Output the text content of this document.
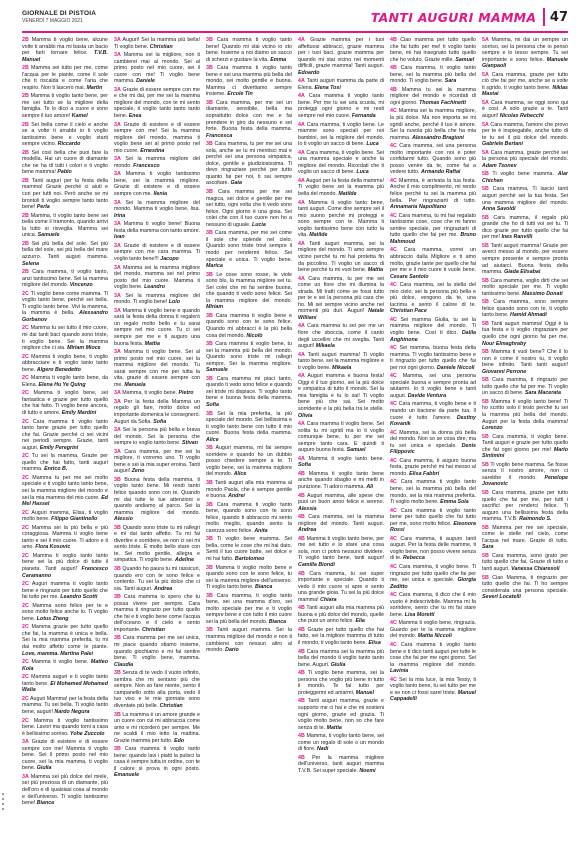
GIORNALE DI PISTOIA
VENERDÌ 7 MAGGIO 2021	TANTI AUGURI MAMMA 47

2B Mamma ti voglio bene, alcune volte ti arrabbi ma mi basta un bacio per farti tornare felice. T.V.B. Manuel

2B Mamma sei tutto per me, come l'acqua per le piante, come il sole che ti riscalda e come l'aria che respiro. Non ti lascerò mai. Martin

2B Mamma ti voglio tanto bene, per me sei tutto se la migliore della famiglia. Te lo dico a cuore e sono sempre il tuo amore! Kamel

2B Sei bella come il cielo e anche se a volte ti arrabbi io ti voglio tantissimo bene e voglio starti sempre vicino. Riccardo

2B Sei così bella che puoi fare la modella. Hai un cuore di diamante che ne ha di tutti i colori e ti voglio bene mamma! Pablo

2B Tanti auguri per la festa della mamma! Grazie perché ci aiuti e curi per tutti noi. Però anche se mi brontoli ti voglio sempre tanto tanto bene! Perla

2B Mamma, ti voglio tanto bene sei bella come il tramonto, quando arrivi la tutto si risveglia. Mamma sei unica. Samuele

2B Sei più bella del sole. Sei più bella del sole, sei più bella del mare azzurro. Tanti auguri mamma. Selena

2B Cara mamma, ti voglio tanto, anzi tantissimo bene. Sei la mamma migliore del mondo. Vincenzo

2C Ti voglio bene come mamma. Ti voglio tanto bene, perché sei bella. Ti voglio tanto bene. Vivi la mamma, la mamma è bella. Alessandro Gorbanov

2C Mamma tu sei tutto il mio cuore, mi dai tanti baci quando sono triste, ti voglio bene. Sei la mamma migliore che ci sia. Miriam Mioce

2C Mamma ti voglio bene, ti voglio abbracciare e ti voglio tanto tanto bene. Algero Benedetto

2C Mamma ti voglio tanto bene, da Elena. Elena Hu Ye Quing

2C Mamma ti voglio bene, sei fantastica e grazie per tutto quello che hai fatto. Ti voglio bene ancora, di tutto e amore. Emily Mardini

2C Cara mamma ti voglio tanto tanto bene grazie per tutto quello che fai. Grazie perché ci sei vicini nei periodi sempre. Grazie, tanti auguri. Emily Peregrini

2C Tu sei la mamma, Grazie per quello che hai fatto, tanti auguri mamma. Enrico B.

2C Mamma tu per me sei molto speciale e ti voglio tanto tanto bene, sei la mamma migliore del mondo e sei la mia mamma del mio cuore. Ed Mel Hassel

2C Auguri mamma, Elisa, ti voglio molto bene. Filippo Giantinello

2C Mamma sei la più bella e più coraggiosa. Mamma ti voglio bene tanto e sei il mio cuore. Ti adoro e ti amo. Flora Kosovic

2C Mamma ti voglio tanto tanto bene sei la più dolce di tutte il pianeta. Tanti auguri! Francesco Caramanno

2C Auguri mamma ti voglio tanto bene e ringrazio per tutto quello che fai tutto per me. Leandro Scotti

2C Mamma sono felice per te e sono molto felice anche io. Ti voglio bene. Lotus Zheng

2C Mamma grazie per tutto quello che fai, la mamma è unica e bella. Sei la mia mamma preferita, tu mi dai molto affetto come le piante. Love, mamma. Martina Palei

2C Mamma ti voglio bene. Matteo Kola

2C Mamma auguri e ti voglio tanto tanto bene. El Mohamed Mohamed Walia

2C Auguri Mamma! per la festa della mamma. Tu sei bella. Ti voglio tanto bene, auguri! Nardo Negura

2C Mamma ti voglio tantissimo bene. Lavori ma quando torni a casa è bellissimo sorriso. Yohe Zuccolo

3A Grazie di esistere e di essere sempre con me! Mamma ti voglio bene. Sei il primo posto nel mio cuore, sei la mia mamma, ti voglio bene. Giulia

3A Mamma sei più dolce del miele, sei più preziosa di un diamante, più dell'oro e di qualsiasi cosa al mondo e dell'universo. Ti voglio tantissimo bene! Bianca

3A Auguri! Sei la mamma più bella! Ti voglio bene. Christian

3A Mamma sei la migliore, non ti cambierei mai al mondo. Sei al primo posto nel mio cuore, sei il cuore con me! Ti voglio bene mamma. Daniele

3A Grazie di essere sempre con me e che mi dai, per me sei la mamma migliore del mondo, con te mi sento speciale, ti voglio tanto tanto tanto bene. Enea

3A Grazie di esistere e di essere sempre con me! Sei la mamma migliore del mondo, mamma ti voglio bene sei al primo posto nel mio cuore. Ernestina

3A Sei la mamma migliore del mondo. Francesco

3A Mamma ti voglio tantissimo bene, sei la mamma migliore. Grazie di esistere e di essere sempre con me. Ilenia

3A Sei la mamma migliore del mondo. Mamma ti voglio bene, lisa. Irina

3A Mamma ti voglio bene! Buona festa della mamma con tanto amore. Ivan

3A Grazie di esistere e di essere sempre con me cara mamma. Ti voglio tanto bene!!! Jacopo

3A Mamma sei la mamma migliore del mondo, mamma sei nel primo posto del mio cuore. Mamma ti voglio bene. Leandro

3A Sei la mamma migliore del mondo. Ti voglio bene! Lolo

3A Mamma ti voglio bene e quando sarà la festa della donna ti regalerò un regalo molto bello e tu sarai sempre nel mio cuore. Tu ci sei sempre per me e ti auguro una buona festa. Mattia

3A Mamma ti voglio bene. Sei al primo posto nel mio cuore, sei la mamma migliore del mondo. Tu sarai sempre con me per tutta la vita, grazie di essere sempre con me. Manuela

3A Mamma, ti voglio bene. Pietro

3A Per la festa della Mamma un regalo gli fare, molto dolce ed importante domenica le consegnerò. Auguri da Sofia. Sofia

3A Sei la persona più bella e brava del mondo. Sei la persona che sempre io voglio tanto bene. Stivan

3A Cara mamma, per me sei la migliore, ti vorremo uno. Ti voglio bene e sei la mia super eroina. Tanti auguri! Zeno

3B Buona festa della mamma, ti voglio tanto bene. Mi rendi tanto felice quando sono con te. Quando mi dai tutte le tue attenzioni e quando andiamo al parco. Sei la mamma migliore del mondo. Alessio

3B Quando sono triste tu mi rallegri e mi dai tanto affetto. Tu mi fai divertire e sorridere, se non ci sei mi sento triste. È molto bello stare con te. Sei molto gentile, allegra e simpatica. Ti voglio bene. Adeline

3B Quando ho paura tu mi rassicuri, quando ero con te sono felice e contento. Tu sei la più dolce che ci sia. Tanti auguri. Andrea

3B Cara mamma io spero che tu possa vivere per sempre. Cara mamma ti ringrazio per tutto quello che fai e ti voglio bene come l'acqua dell'oceano e il cielo e sento importante. Christian

3B Cara mamma per me sei unica, mi piace quando stiamo insieme, quando giochiamo e mi fai sentire bene. Ti voglio bene, mamma. Claudia

3B Senza di te vedo il vuoto infinito, sembra che mi sentano più che sempre. Non so fare niente, sento il campanello sotto alla porta, vedo il tuo viso e le mie giornate sono diventate più belle. Christian

3B La mamma è un amore grande e un cuore con cui mi abbraccia come amo e mi ricorderò per sempre. Me ne scaldi il mio letto la mattina. Grazie mamma per tutto. Edo

3B Cara mamma ti voglio tanto bene: quando lavi i piatti la pulisci la casa è sempre tutta in ordine, con te il calore si prova in ogni posto. Emanuele

3B Cara mamma ti voglio tanto bene! Quando mi stai vicino io sto bene. Insieme a noi diamo un sacco di scherzi e gustare la vita. Emma

3B Cara mamma ti voglio tanto bene e sei una mamma più bella del mondo, sei molto gentile e buona. Mamma ci divertiamo sempre insieme. Ercole Tin

3B Cara mamma, per me sei un diamante, sensibile, bella ma soprattutto dolce con me e fai prendere in giro da nessuno e sei forte. Buona festa della mamma. Francesca

3B Cara mamma, tu per me sei una sola, anche se tu mi mentisci mai e perché sei una persona simpatica, dolce, gentile e giudiziosissima. Ti devo ringraziare perché per tutto quanto fai per noi, ti sai sempre ascoltare. Gaia

3B Cara mamma per me sei magica, sei dolce e gentile per me sei tutto, ogni volta che ti vedo sono felice. Ogni giorno è una gioia. Sei colei che con il tuo cuore non ho a nessuno di uguale. Lucia

3B Cara mamma, per me sei come il sole che splende nel cielo. Quando sono triste trovi sempre il modo per rendermi felice. Sei speciale e unica. Ti voglio bene. Marica

3B Le cose sono rosse, le viole sono blu, la mamma migliore sei tu. Sei colei che mi fai sentire buona, che quando ti vedo sono felice. Sei la mamma migliore del mondo. Miriam

3B Cara mamma ti voglio bene e quando sono con te sono felice. Quando mi abbracci è la più bella cosa del mondo. Nicolò

3B Cara mamma ti voglio bene, tu sei la mamma più bella del mondo. Quando sono triste mi rallegri sempre. Sei la mamma migliore. Samuele

3B Cara mamma mi piaci tanto, quando ti vedo sono felice e quando sei triste mi dispiace. Ti voglio tanto bene e buona festa della mamma. Sofia

3B Sei la mia preferita, la più speciale del mondo. Sei bellissima e ti voglio tanto bene con tutto il mio cuore. Buona festa della mamma. Alice

3B Auguri mamma, mi fai sempre sorridere e quando ho un dubbio posso chiedere sempre a te. Ti voglio bene, sei la mamma migliore del mondo. Alice

3B Tanti auguri alla mia mamma al mondo Paola, che è sempre gentile e buona. Andrei

3B Cara mamma ti voglio tanto bene, quando sono con te sono felice, quando ti abbraccio mi sento molto meglio, quando sento la carezza sono felice. Anita

3B Ti voglio bene mamma. Sei bella, come le cose che mi hai dato. Senti il tuo cuore batte, sei dolce e mi hai fatto. Bartolomeo

3B Mamma ti voglio molto bene e quando sono con te sono felice, tu sei la mamma migliore dell'universo. Ti voglio tanto bene. Bianca

3B Cara mamma, ti voglio tanto bene, sei una mamma d'oro, sei molto speciale per me e ti voglio sempre bene e con tutto il mio cuore sei la più bella del mondo. Bianca

3B Tanti auguri mamma. Sei la mamma migliore del mondo e non ti cambierei con nessun altro al mondo. Dario

4A Grazie mamma per i tuoi affettuosi abbracci, grazie mamma per i tuoi baci, grazie mamma per quando mi stai vicino nei momenti difficili, grazie mamma! Tanti auguri. Edoardo

4A Tanti auguri mamma da parte di Elena. Elena Tosi

4A Cara mamma ti voglio tanto bene. Per me tu sei una scuola, mi proteggi ogni giorno e mi resti sempre nel mio cuore. Fernanda

4A Cara mamma, ti voglio bene. Le mamme sono speciali per noi bambini, sei la migliore del mondo. Io ti voglio un sacco di bene. Luca

4A Cara mamma, ti voglio bene. Sei una mamma speciale e anche la migliore del mondo. Ricordati che ti voglio un sacco di bene. Luca

4A Auguri per la festa della mamma! Ti voglio bene sei la mamma più bella del mondo. Matilde

4A Mamma ti voglio tanto bene, tanti auguri. Come dire sempre sei il mio suono perché mi proteggi e sono sempre con te. Mamma ti voglio tantissimo bene con tutto la vita. Matilde

4A Tanti auguri mamma, sei la migliore del mondo. Ti amo sempre vicino perché tu mi hai protetta fin da piccolino. Ti voglio un sacco di bene perché tu mi vuoi bene. Mattia

4A Cara mamma, tu per me sei come un fiore che mi illumina la strada. Mi tratti come se fossi tutto per te e sei la persona più cara che ho. Mi sei sempre vicino anche nei momenti più duri. Auguri! Natale Williani

4A Cara mamma tu sei per me un fiore che sboccia, come il canto degli uccellini che mi sveglia. Tanti auguri! Mikaela

4A Tanti auguri mamma! Ti voglio tanto bene, sei la mamma migliore e ti voglio bene. Mikaela

4A Auguri mamma e buona festa! Oggi è il tuo giorno, sei la più dolce e simpatica di tutto il mondo. Sei la mia famiglia e tu lo sai! Ti voglio bene più che sai. Sei molto sorridente e la più bella tra le stelle. Olivia

4A Cara mamma ti voglio bene. Sei solita tu mi sgridi ma io ti voglio comunque bene, tu per me sei sempre tanto cara. E quindi ti auguro buona festa. Samuel

4A Mamma ti voglio tanto bene. Sofia

4B Mamma ti voglio tanto bene anche quando sbaglio e mi metti in punizione. Ti adoro mamma. Alì

4B Auguri mamma, alle spese che puoi un buon anno felice e sereno. Alessia

4B Cara mamma, sei la mamma migliore del mondo. Tanti auguri. Andrea

4B Mamma ti voglio tanto bene, per me sei tutto e lo stare una cosa sola, non ci potrà nessuno dividere. Ti voglio tanto bene, tanti auguri! Camilla Biondi

4B Cara mamma, tu sei super importante e speciale. Quando ti vedo il mio cuore si apre e sento una grande gioia. Tu sei la più dolce mamma! Chiara

4B Tanti auguri alla mia mamma più buona e più dolce del mondo, quelle che puoi un anno felice. Elia

4B Grazie per tutto quello che hai fatto, sei la migliore mamma di tutto il mondo, ti voglio tanto bene. Elisa

4B Cara mamma sei la mamma più bella del mondo ti voglio tanto tanto bene. Auguri. Giulia

4B Ti voglio bene mamma, sei la persona che voglio più bene in tutto il mondo. Te fai tutto per proteggermi ed amarmi. Manuel

4B Tanti auguri mamma, grazie e supporto me ci hai e che mi sostieni ogni giorno, grazie ed grazia. Ti voglio molto bene, non so che fare senza di te. Mattia

4B Mamma, ti voglio tanto bene, sei come un regalo di sole o un mondo di fiore. Nadi

4B Per la mamma migliore dell'universo, tanti auguri mamma T.V.B. Sei super speciale. Noemi

4B Ciao mamma per tutto quello che fai tutto per me! ti voglio tanto bene, mi hai insegnato tutto quello che ho voluto. Grazie mille. Samuel

4B Cara mamma, ti voglio tanto bene, sei la mamma più bella del mondo. Ti voglio bene. Sara

4B Mamma tu sei la mamma migliore del mondo e ricordati di ogni giorno. Thomas Fachinetti

4C Mamma sei la mamma migliore, la più dolce. Ma non importa se mi sgridi anche, perché il tuo è amore. Sei la nuvola più bella che ha mia mamma. Alessandro Bragioni

4C Cara mamma, sei una persona molto importante con noi e poter confidarmi tutto. Quando sono giù posso venire da te, come fai a vedere tutto. Armando Raftai

4C Mamma, è arrivata la tua festa. Anche il mio complimento, mi rendo felice perché tu sei la mamma più bella. Per ringraziarti di tutto. Annamaria Napolitano

4C Cara mamma, tu mi hai regalato tantissime cose, cose che mi fanno sentire speciale, per ringraziarti di tutto quello che fai per me. Bruno Mahmoud

4C Cara mamma, vorrei un abbraccio dalla Migliore e ti amo molto, grazie tante per quello che fai per me e il mio cuore ti vuole bene. Cesare Santolo

4C Cara mamma, sei la stella del mio cielo, sei la persona più bella e più dolce, vengono da te, una lacrima e sento il calore di te. Christian Pace

4C Sei mamma Giulia, tu sei la mamma migliore del mondo. Ti voglio bene. Così ti dico. Dalila Anghinone

4C Sei mamma, buona festa della mamma. Ti voglio tantissimo bene e ti ringrazio per tutto quello che fai per noi ogni giorno. Daniele Niccoli

4C Mamma, sei una persona speciale buona e sempre pronta ad aiutarmi. Io ti voglio bene e tanti auguri. Davide Ventura

4C Cara mamma, ti voglio bene e ti mando un bacione da parte tua. Il cuore è tutto l'amore. Destiny Kovanik

4C Mamma, sei la donna più bella del mondo. Non so se cosa dire, ma tu sei unica e speciale. Denis Filippovic

4C Cara mamma, ti auguro buona festa, grazie perché mi hai messo al mondo. Elisa Fabbri

4C Cara mamma ti voglio tanto bene, sei la mamma più bella del mondo, sei la mia mamma preferita. Ti voglio molto bene. Emma Sola

4C Cara mamma ti voglio tanto bene per tutto quello che fai tutto per me, sono molto felice. Eleonora Rossi

4C Cara mamma, ti auguro tanti auguri. Per la festa delle mamme, ti voglio bene, non posso vivere senza di te. Rebecca

4C Cara mamma, ti voglio bene. Ti ringrazio per tutto quello che fai per me, sei unica e speciale. Giorgia Zeditto

4C Cara mamma, ti dico che il mio vuoto è indescrivibile. Mamma mi fa sorridere, sento che tu mi fai stare bene. Lisa Moretti

4C Mamma ti voglio bene, ringrazia. Guardo per te la mamma migliore del mondo. Mattia Niccoli

4C Cara mamma ti voglio tanto bene e ti dico tanti auguri per tutte le cose che fai per me ogni giorno. Sei la mamma migliore del mondo. Lavinia

4C Sei la mia luce, la mia Tessy, ti voglio tanto bene, tu sei tutto per me e se non ci fossi sarei triste. Manuel Cappadelli

5A Mamma, mi dai un sempre un sorriso, sei la persona che io penso sempre e lo tesso sempre. Tu sei importante e sono felice. Manuele Gianpaoli

5A Cara mamma, grazie per tutto ciò che fai per me, anche se a volte ti sgrido, ti voglio tanto bene. Niklas Mastai

5A Cara mamma, se oggi sono qui è così. A solo grazie a te. Tanti auguri! Nicolas Rebecchi

5A Cara mamma, l'amore che provo per te è inspiegabile, anche tutto di te tu sei il più dolce del mondo. Gabriele Bertani

5A Cara mamma, grazie perché sei la persona più speciale del mondo. Adam Tsonev

5B Ti voglio bene mamma. Alar Chichen

5B Cara mamma, Ti lascio tanti auguri perché sei la tua festa. Sei una mamma migliore del mondo. Anna Savoldi

5B Cara mamma, il regalo più grande che ho di tutti voi sei tu. Ti dico grazie per tutto quello che fai per me! Ines Ranvilli

5B Tanti auguri mamma! Grazie per averci messo al mondo, per essere sempre presente e sempre pronta ad aiutarci. Buona festa della mamma. Giada Elisabai

5B Cara mamma, voglio dirti che sei molto speciale per me. Ti voglio tantissimo bene. Massimo Donati

5B Cara mamma, sono sempre felice quando sono con te, ti voglio tanto bene. Hamid Ahmadi

5B Tanti auguri mamma! Oggi è la tua festa e ti voglio ringraziare per quello che ogni giorno fai per me. Nour Elmaghraby

5B Mamma ti vuol bene? Che il lo non è come il nostro tu, ti voglio bene infinito. Tanti tanti auguri! Giovanni Perrone

5B Cara mamma, ti ringrazio per tutto quello che fai per me. Ti voglio un sacco di bene. Sara Macerata

5B Mamma ti voglio tanto bene! Ti ho scritto solo il testo perché tu sei la mamma più bella del mondo. Auguri per la festa della mamma! Lorenzo

5B Cara mamma, ti voglio bene. Tanti auguri e grazie per tutto quello che fai ogni giorno per me! Mario Sintimini

5B Ti voglio bene mamma. Se fosse senza il nostro amore, non ci sarebbe il mondo. Penelope Jovanovic

5B Cara mamma, grazie per tutto quello che fai per me, per tutti i sacrifici per renderci felice. Ti auguro una bellissima festa della mamma. T.V.B. Raimondo S.

5B Mamma per me sei speciale, come le stelle nel cielo, come l'acqua nel mare. Grazie di tutto. Sara

5B Cara mamma, sono grato per tutto quello che fai. Grazie di tutto e tanti auguri. Vanessa Chiaresoli

5B Ciao Mamma, ti ringrazio per tutto quello che fai. Ti ho sempre considerata una persona speciale. Severi Locatelli
